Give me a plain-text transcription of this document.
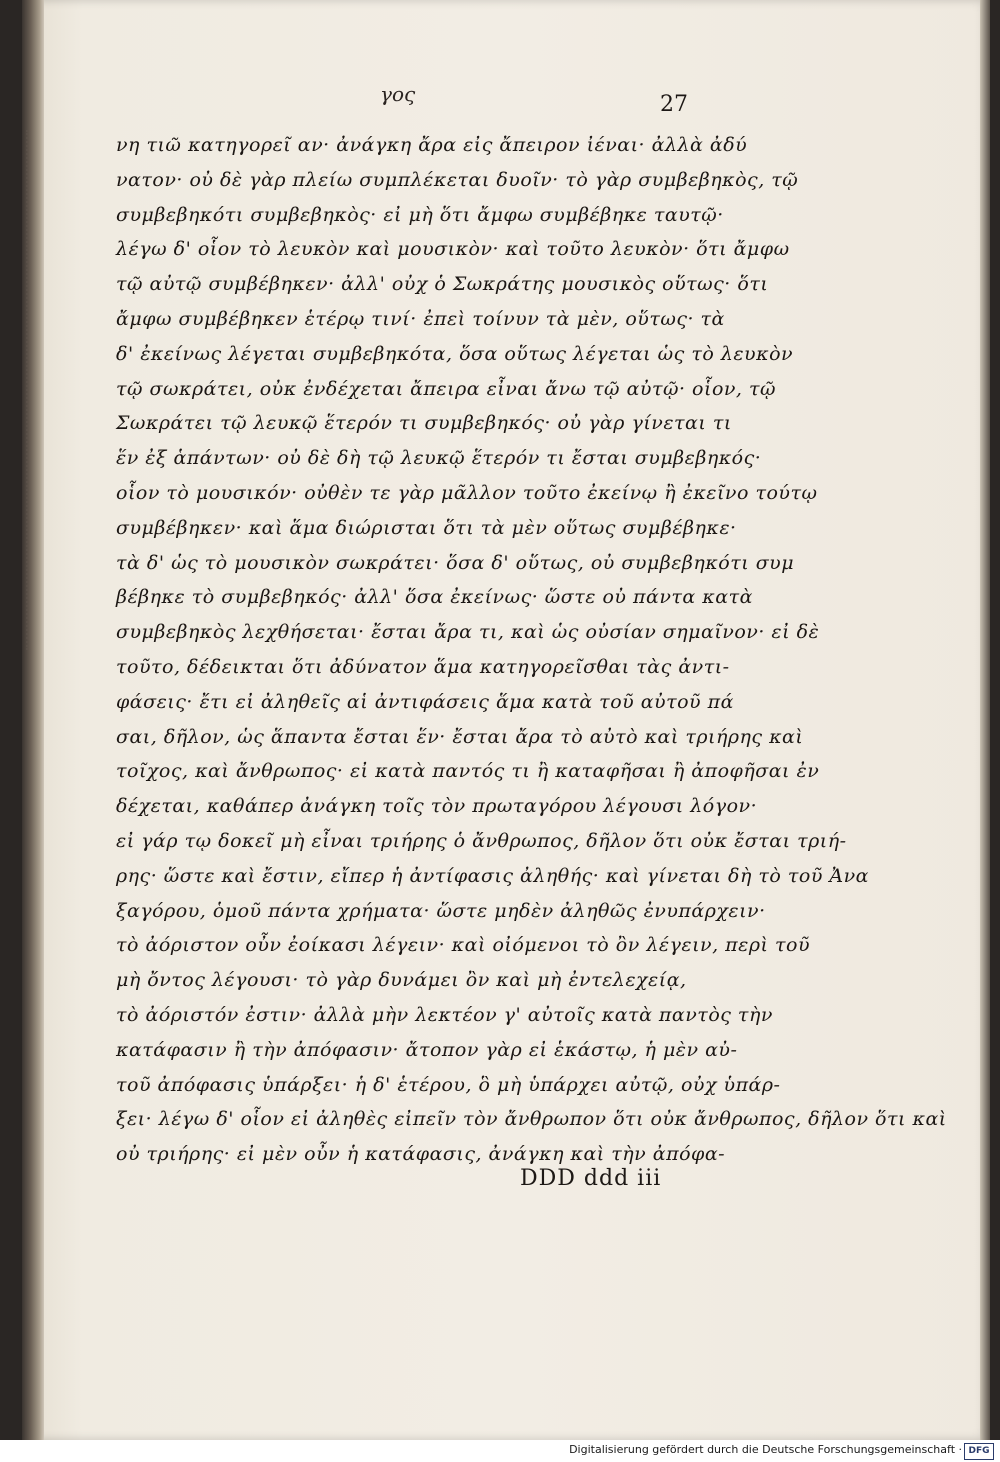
γος	27
νη τιῶ κατηγορεῖ αν· ἀνάγκη ἄρα εἰς ἄπειρον ἰέναι· ἀλλὰ ἀδύ
νατον· οὐ δὲ γὰρ πλείω συμπλέκεται δυοῖν· τὸ γὰρ συμβεβηκὸς, τῷ
συμβεβηκότι συμβεβηκὸς· εἰ μὴ ὅτι ἄμφω συμβέβηκε ταυτῷ·
λέγω δ' οἷον τὸ λευκὸν καὶ μουσικὸν· καὶ τοῦτο λευκὸν· ὅτι ἄμφω
τῷ αὐτῷ συμβέβηκεν· ἀλλ' οὐχ ὁ Σωκράτης μουσικὸς οὕτως· ὅτι
ἄμφω συμβέβηκεν ἑτέρῳ τινί· ἐπεὶ τοίνυν τὰ μὲν, οὕτως· τὰ
δ' ἐκείνως λέγεται συμβεβηκότα, ὅσα οὕτως λέγεται ὡς τὸ λευκὸν
τῷ σωκράτει, οὐκ ἐνδέχεται ἄπειρα εἶναι ἄνω τῷ αὐτῷ· οἷον, τῷ
Σωκράτει τῷ λευκῷ ἕτερόν τι συμβεβηκός· οὐ γὰρ γίνεται τι
ἕν ἐξ ἁπάντων· οὐ δὲ δὴ τῷ λευκῷ ἕτερόν τι ἔσται συμβεβηκός·
οἷον τὸ μουσικόν· οὐθὲν τε γὰρ μᾶλλον τοῦτο ἐκείνῳ ἢ ἐκεῖνο τούτῳ
συμβέβηκεν· καὶ ἅμα διώρισται ὅτι τὰ μὲν οὕτως συμβέβηκε·
τὰ δ' ὡς τὸ μουσικὸν σωκράτει· ὅσα δ' οὕτως, οὐ συμβεβηκότι συμ
βέβηκε τὸ συμβεβηκός· ἀλλ' ὅσα ἐκείνως· ὥστε οὐ πάντα κατὰ
συμβεβηκὸς λεχθήσεται· ἔσται ἄρα τι, καὶ ὡς οὐσίαν σημαῖνον· εἰ δὲ
τοῦτο, δέδεικται ὅτι ἀδύνατον ἅμα κατηγορεῖσθαι τὰς ἀντι-
φάσεις· ἔτι εἰ ἀληθεῖς αἱ ἀντιφάσεις ἅμα κατὰ τοῦ αὐτοῦ πά
σαι, δῆλον, ὡς ἅπαντα ἔσται ἕν· ἔσται ἄρα τὸ αὐτὸ καὶ τριήρης καὶ
τοῖχος, καὶ ἄνθρωπος· εἰ κατὰ παντός τι ἢ καταφῆσαι ἢ ἀποφῆσαι ἐν
δέχεται, καθάπερ ἀνάγκη τοῖς τὸν πρωταγόρου λέγουσι λόγον·
εἰ γάρ τῳ δοκεῖ μὴ εἶναι τριήρης ὁ ἄνθρωπος, δῆλον ὅτι οὐκ ἔσται τριή-
ρης· ὥστε καὶ ἔστιν, εἴπερ ἡ ἀντίφασις ἀληθής· καὶ γίνεται δὴ τὸ τοῦ Ἀνα
ξαγόρου, ὁμοῦ πάντα χρήματα· ὥστε μηδὲν ἀληθῶς ἐνυπάρχειν·
τὸ ἀόριστον οὖν ἐοίκασι λέγειν· καὶ οἰόμενοι τὸ ὂν λέγειν, περὶ τοῦ
μὴ ὄντος λέγουσι· τὸ γὰρ δυνάμει ὂν καὶ μὴ ἐντελεχείᾳ,
τὸ ἀόριστόν ἐστιν· ἀλλὰ μὴν λεκτέον γ' αὐτοῖς κατὰ παντὸς τὴν
κατάφασιν ἢ τὴν ἀπόφασιν· ἄτοπον γὰρ εἰ ἑκάστῳ, ἡ μὲν αὐ-
τοῦ ἀπόφασις ὑπάρξει· ἡ δ' ἑτέρου, ὃ μὴ ὑπάρχει αὐτῷ, οὐχ ὑπάρ-
ξει· λέγω δ' οἷον εἰ ἀληθὲς εἰπεῖν τὸν ἄνθρωπον ὅτι οὐκ ἄνθρωπος, δῆλον ὅτι καὶ
οὐ τριήρης· εἰ μὲν οὖν ἡ κατάφασις, ἀνάγκη καὶ τὴν ἀπόφα-
DDD ddd iii
Digitalisierung gefördert durch die Deutsche Forschungsgemeinschaft · DFG
